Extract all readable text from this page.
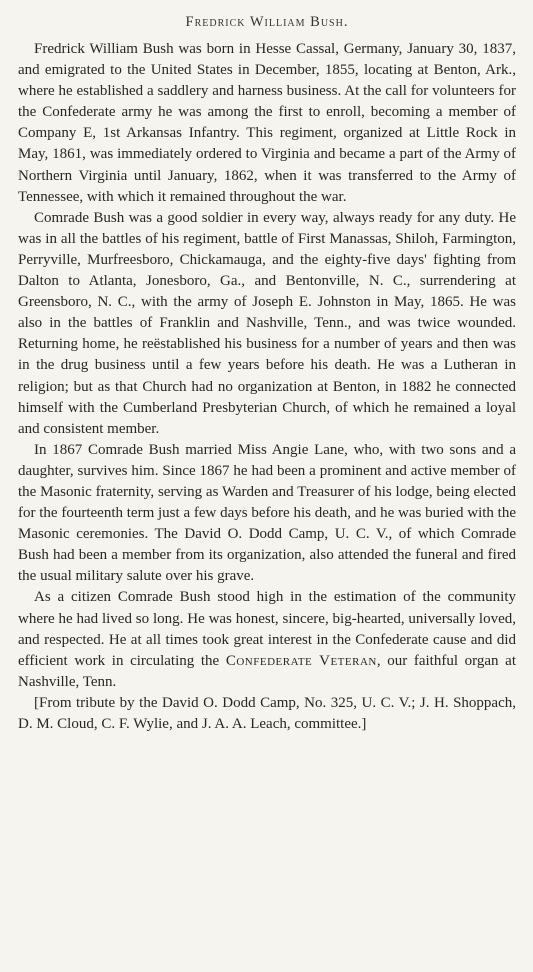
Fredrick William Bush.

Fredrick William Bush was born in Hesse Cassal, Germany, January 30, 1837, and emigrated to the United States in December, 1855, locating at Benton, Ark., where he established a saddlery and harness business. At the call for volunteers for the Confederate army he was among the first to enroll, becoming a member of Company E, 1st Arkansas Infantry. This regiment, organized at Little Rock in May, 1861, was immediately ordered to Virginia and became a part of the Army of Northern Virginia until January, 1862, when it was transferred to the Army of Tennessee, with which it remained throughout the war.

Comrade Bush was a good soldier in every way, always ready for any duty. He was in all the battles of his regiment, battle of First Manassas, Shiloh, Farmington, Perryville, Murfreesboro, Chickamauga, and the eighty-five days' fighting from Dalton to Atlanta, Jonesboro, Ga., and Bentonville, N. C., surrendering at Greensboro, N. C., with the army of Joseph E. Johnston in May, 1865. He was also in the battles of Franklin and Nashville, Tenn., and was twice wounded. Returning home, he reëstablished his business for a number of years and then was in the drug business until a few years before his death. He was a Lutheran in religion; but as that Church had no organization at Benton, in 1882 he connected himself with the Cumberland Presbyterian Church, of which he remained a loyal and consistent member.

In 1867 Comrade Bush married Miss Angie Lane, who, with two sons and a daughter, survives him. Since 1867 he had been a prominent and active member of the Masonic fraternity, serving as Warden and Treasurer of his lodge, being elected for the fourteenth term just a few days before his death, and he was buried with the Masonic ceremonies. The David O. Dodd Camp, U. C. V., of which Comrade Bush had been a member from its organization, also attended the funeral and fired the usual military salute over his grave.

As a citizen Comrade Bush stood high in the estimation of the community where he had lived so long. He was honest, sincere, big-hearted, universally loved, and respected. He at all times took great interest in the Confederate cause and did efficient work in circulating the Confederate Veteran, our faithful organ at Nashville, Tenn.

[From tribute by the David O. Dodd Camp, No. 325, U. C. V.; J. H. Shoppach, D. M. Cloud, C. F. Wylie, and J. A. A. Leach, committee.]
